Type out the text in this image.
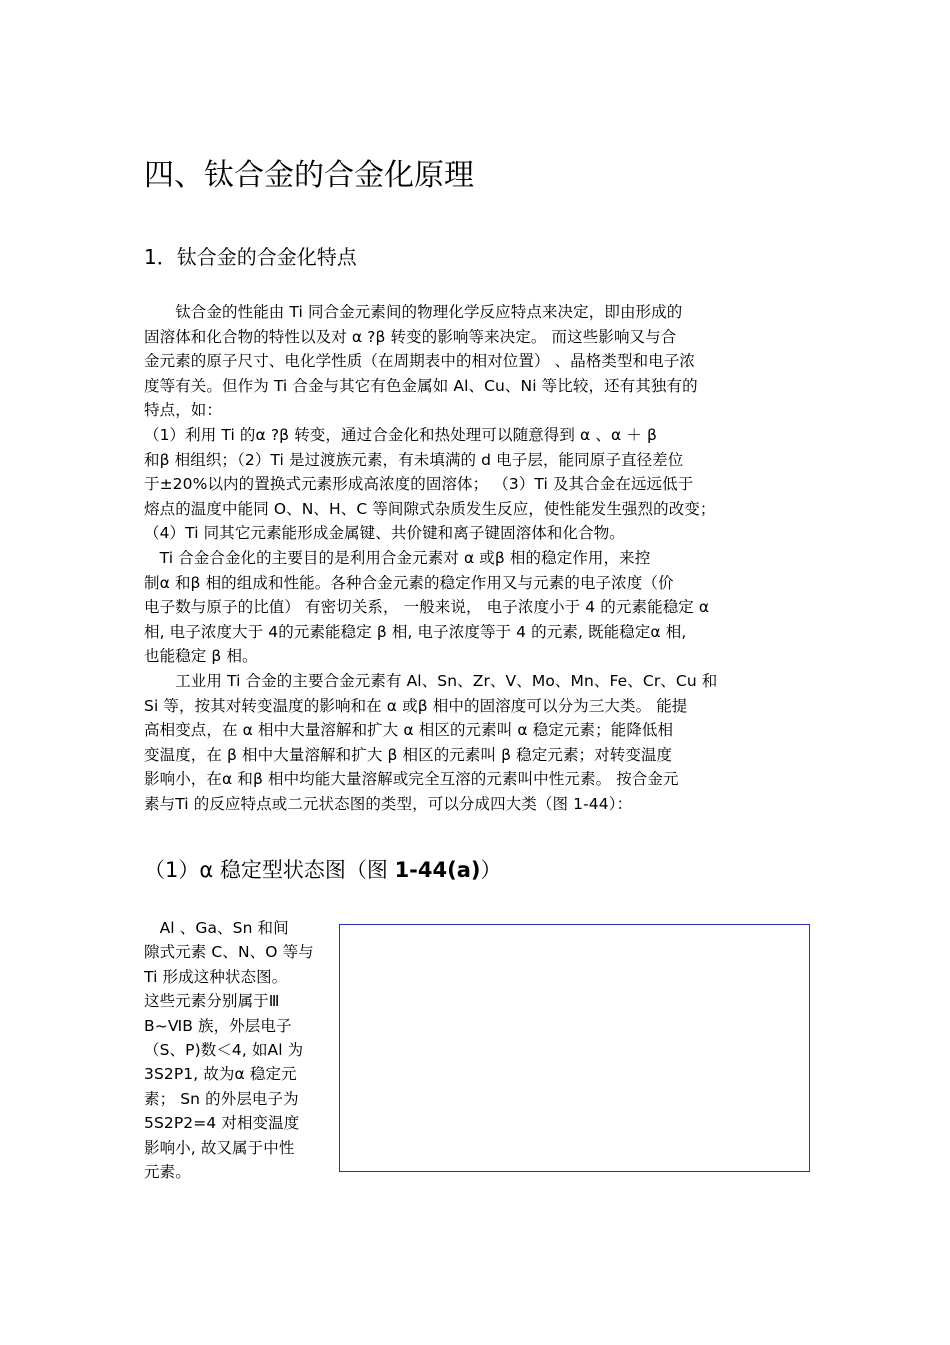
四、钛合金的合金化原理
1．钛合金的合金化特点
　　钛合金的性能由 Ti 同合金元素间的物理化学反应特点来决定，即由形成的
固溶体和化合物的特性以及对 α ?β 转变的影响等来决定。 而这些影响又与合
金元素的原子尺寸、电化学性质（在周期表中的相对位置） 、晶格类型和电子浓
度等有关。但作为 Ti 合金与其它有色金属如 Al、Cu、Ni 等比较，还有其独有的
特点，如：
（1）利用 Ti 的α ?β 转变，通过合金化和热处理可以随意得到 α 、α ＋ β
和β 相组织；（2）Ti 是过渡族元素，有未填满的 d 电子层，能同原子直径差位
于±20%以内的置换式元素形成高浓度的固溶体； （3）Ti 及其合金在远远低于
熔点的温度中能同 O、N、H、C 等间隙式杂质发生反应，使性能发生强烈的改变；
（4）Ti 同其它元素能形成金属键、共价键和离子键固溶体和化合物。
　Ti 合金合金化的主要目的是利用合金元素对 α 或β 相的稳定作用，来控
制α 和β 相的组成和性能。各种合金元素的稳定作用又与元素的电子浓度（价
电子数与原子的比值） 有密切关系， 一般来说， 电子浓度小于 4 的元素能稳定 α
相, 电子浓度大于 4的元素能稳定 β 相, 电子浓度等于 4 的元素, 既能稳定α 相,
也能稳定 β 相。
　　工业用 Ti 合金的主要合金元素有 Al、Sn、Zr、V、Mo、Mn、Fe、Cr、Cu 和
Si 等，按其对转变温度的影响和在 α 或β 相中的固溶度可以分为三大类。 能提
高相变点，在 α 相中大量溶解和扩大 α 相区的元素叫 α 稳定元素；能降低相
变温度，在 β 相中大量溶解和扩大 β 相区的元素叫 β 稳定元素；对转变温度
影响小，在α 和β 相中均能大量溶解或完全互溶的元素叫中性元素。 按合金元
素与Ti 的反应特点或二元状态图的类型，可以分成四大类（图 1-44）：
（1）α 稳定型状态图（图 1-44(a)）
　Al 、Ga、Sn 和间
隙式元素 C、N、O 等与
Ti 形成这种状态图。
这些元素分别属于Ⅲ
B~ⅥB 族，外层电子
（S、P)数＜4, 如Al 为
3S2P1, 故为α 稳定元
素； Sn 的外层电子为
5S2P2=4 对相变温度
影响小, 故又属于中性
元素。
